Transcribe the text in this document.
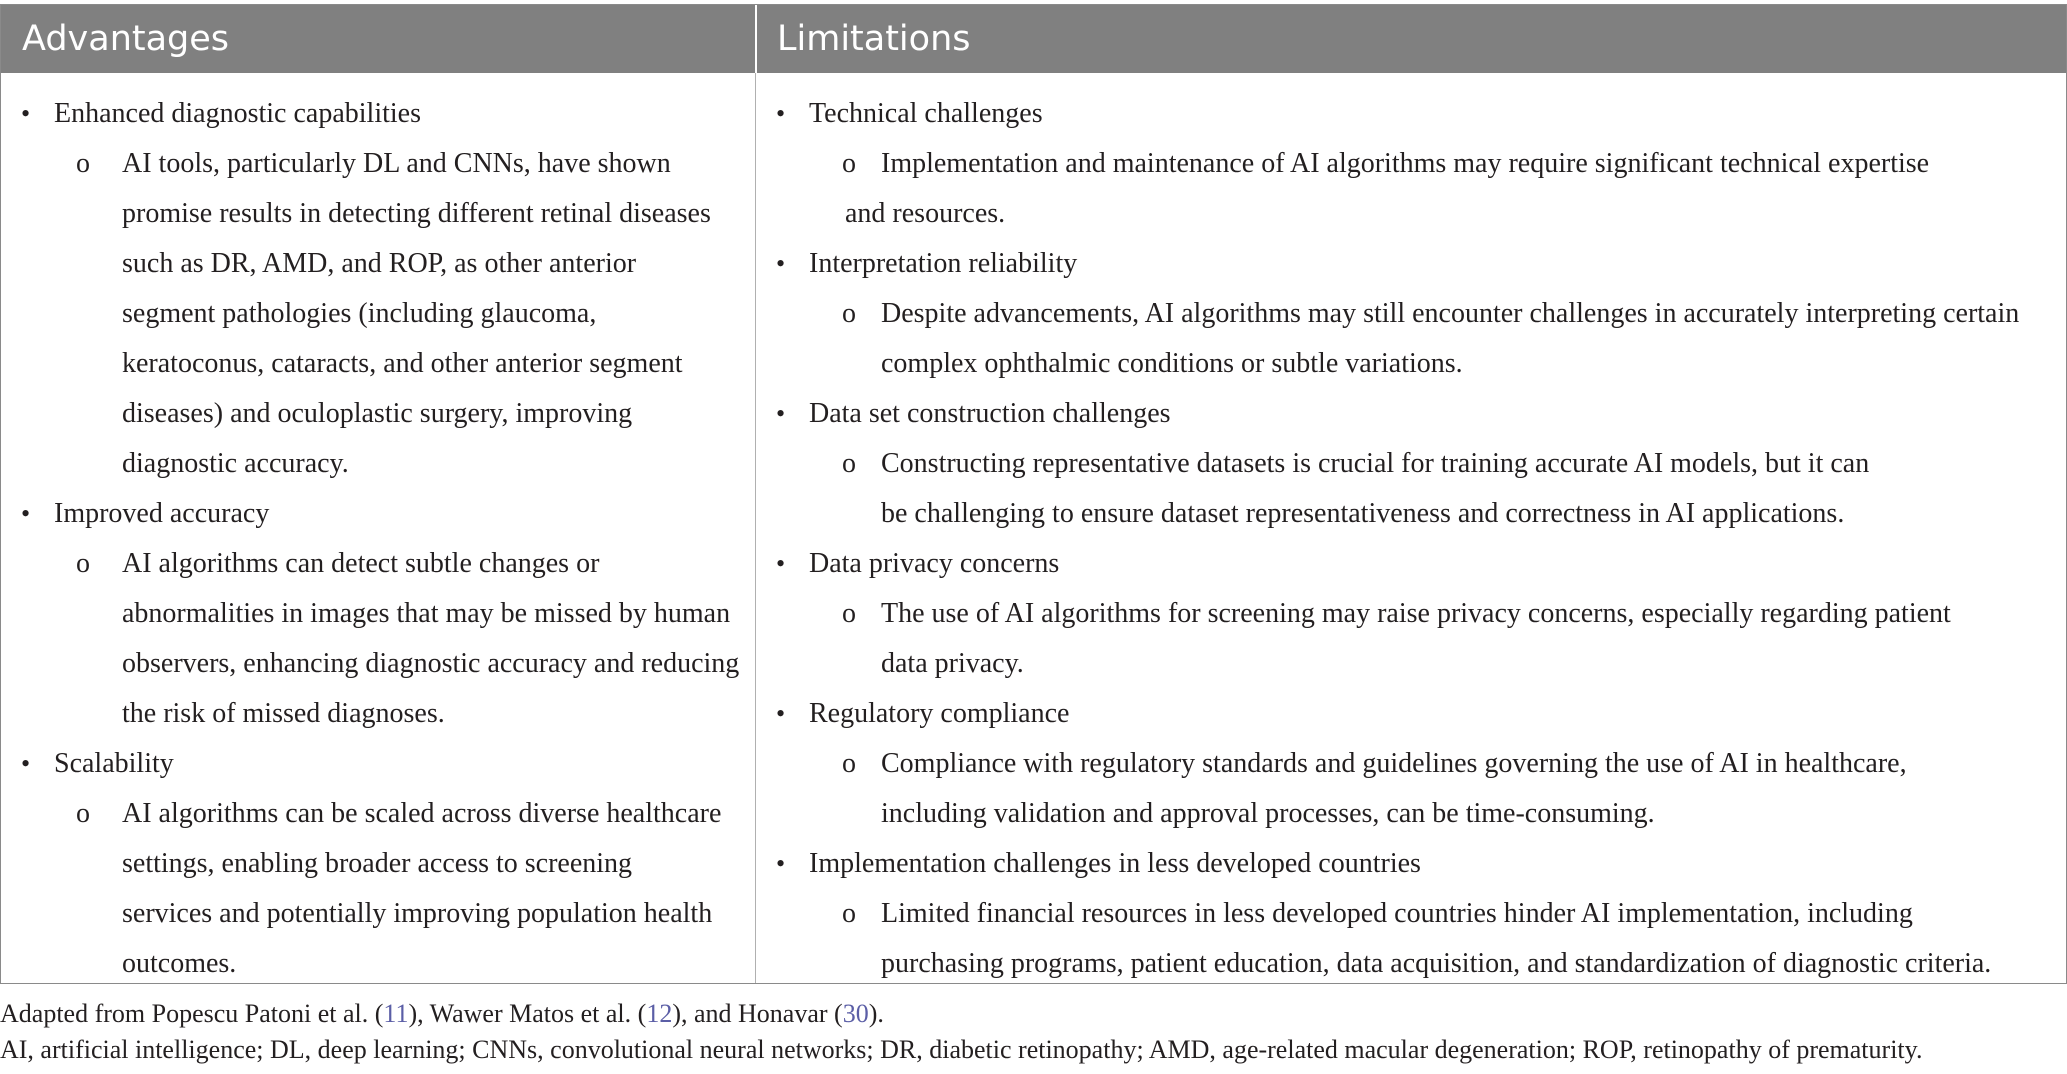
Advantages	Limitations
• Enhanced diagnostic capabilities
o AI tools, particularly DL and CNNs, have shown
promise results in detecting different retinal diseases
such as DR, AMD, and ROP, as other anterior
segment pathologies (including glaucoma,
keratoconus, cataracts, and other anterior segment
diseases) and oculoplastic surgery, improving
diagnostic accuracy.
• Improved accuracy
o AI algorithms can detect subtle changes or
abnormalities in images that may be missed by human
observers, enhancing diagnostic accuracy and reducing
the risk of missed diagnoses.
• Scalability
o AI algorithms can be scaled across diverse healthcare
settings, enabling broader access to screening
services and potentially improving population health
outcomes.
• Technical challenges
o Implementation and maintenance of AI algorithms may require significant technical expertise
and resources.
• Interpretation reliability
o Despite advancements, AI algorithms may still encounter challenges in accurately interpreting certain
complex ophthalmic conditions or subtle variations.
• Data set construction challenges
o Constructing representative datasets is crucial for training accurate AI models, but it can
be challenging to ensure dataset representativeness and correctness in AI applications.
• Data privacy concerns
o The use of AI algorithms for screening may raise privacy concerns, especially regarding patient
data privacy.
• Regulatory compliance
o Compliance with regulatory standards and guidelines governing the use of AI in healthcare,
including validation and approval processes, can be time-consuming.
• Implementation challenges in less developed countries
o Limited financial resources in less developed countries hinder AI implementation, including
purchasing programs, patient education, data acquisition, and standardization of diagnostic criteria.
Adapted from Popescu Patoni et al. (11), Wawer Matos et al. (12), and Honavar (30).
AI, artificial intelligence; DL, deep learning; CNNs, convolutional neural networks; DR, diabetic retinopathy; AMD, age-related macular degeneration; ROP, retinopathy of prematurity.
